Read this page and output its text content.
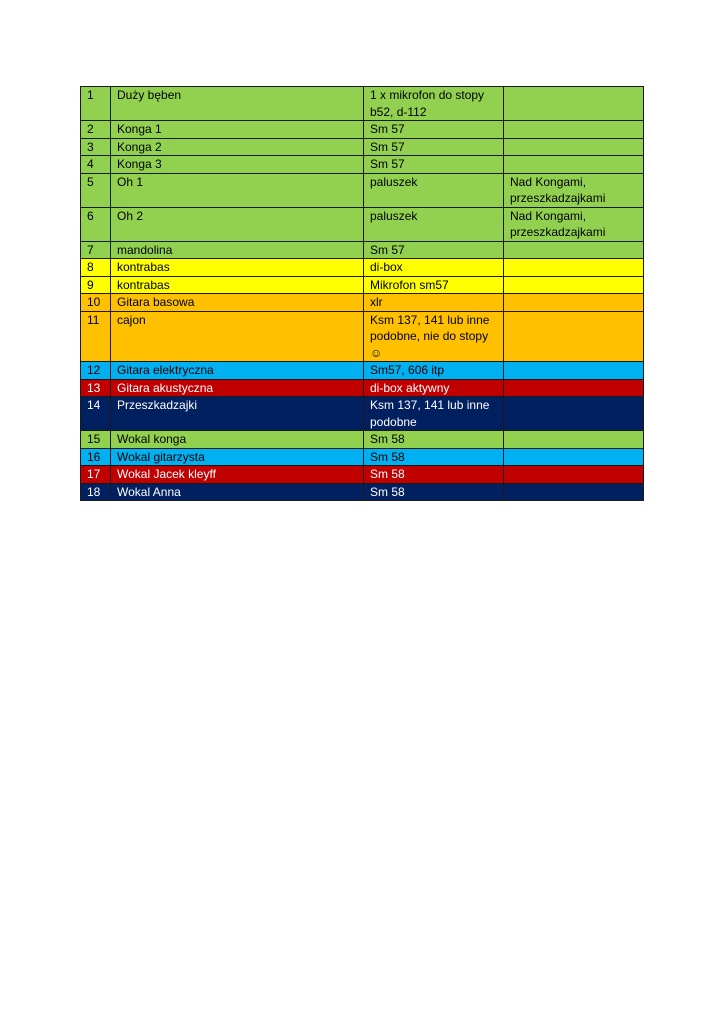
1	Duży bęben	1 x mikrofon do stopy b52, d-112	
2	Konga 1	Sm 57	
3	Konga 2	Sm 57	
4	Konga 3	Sm 57	
5	Oh 1	paluszek	Nad Kongami, przeszkadzajkami
6	Oh 2	paluszek	Nad Kongami, przeszkadzajkami
7	mandolina	Sm 57	
8	kontrabas	di-box	
9	kontrabas	Mikrofon sm57	
10	Gitara basowa	xlr	
11	cajon	Ksm 137, 141 lub inne podobne, nie do stopy ☺	
12	Gitara elektryczna	Sm57, 606 itp	
13	Gitara akustyczna	di-box aktywny	
14	Przeszkadzajki	Ksm 137, 141 lub inne podobne	
15	Wokal konga	Sm 58	
16	Wokal gitarzysta	Sm 58	
17	Wokal Jacek kleyff	Sm 58	
18	Wokal Anna	Sm 58	
